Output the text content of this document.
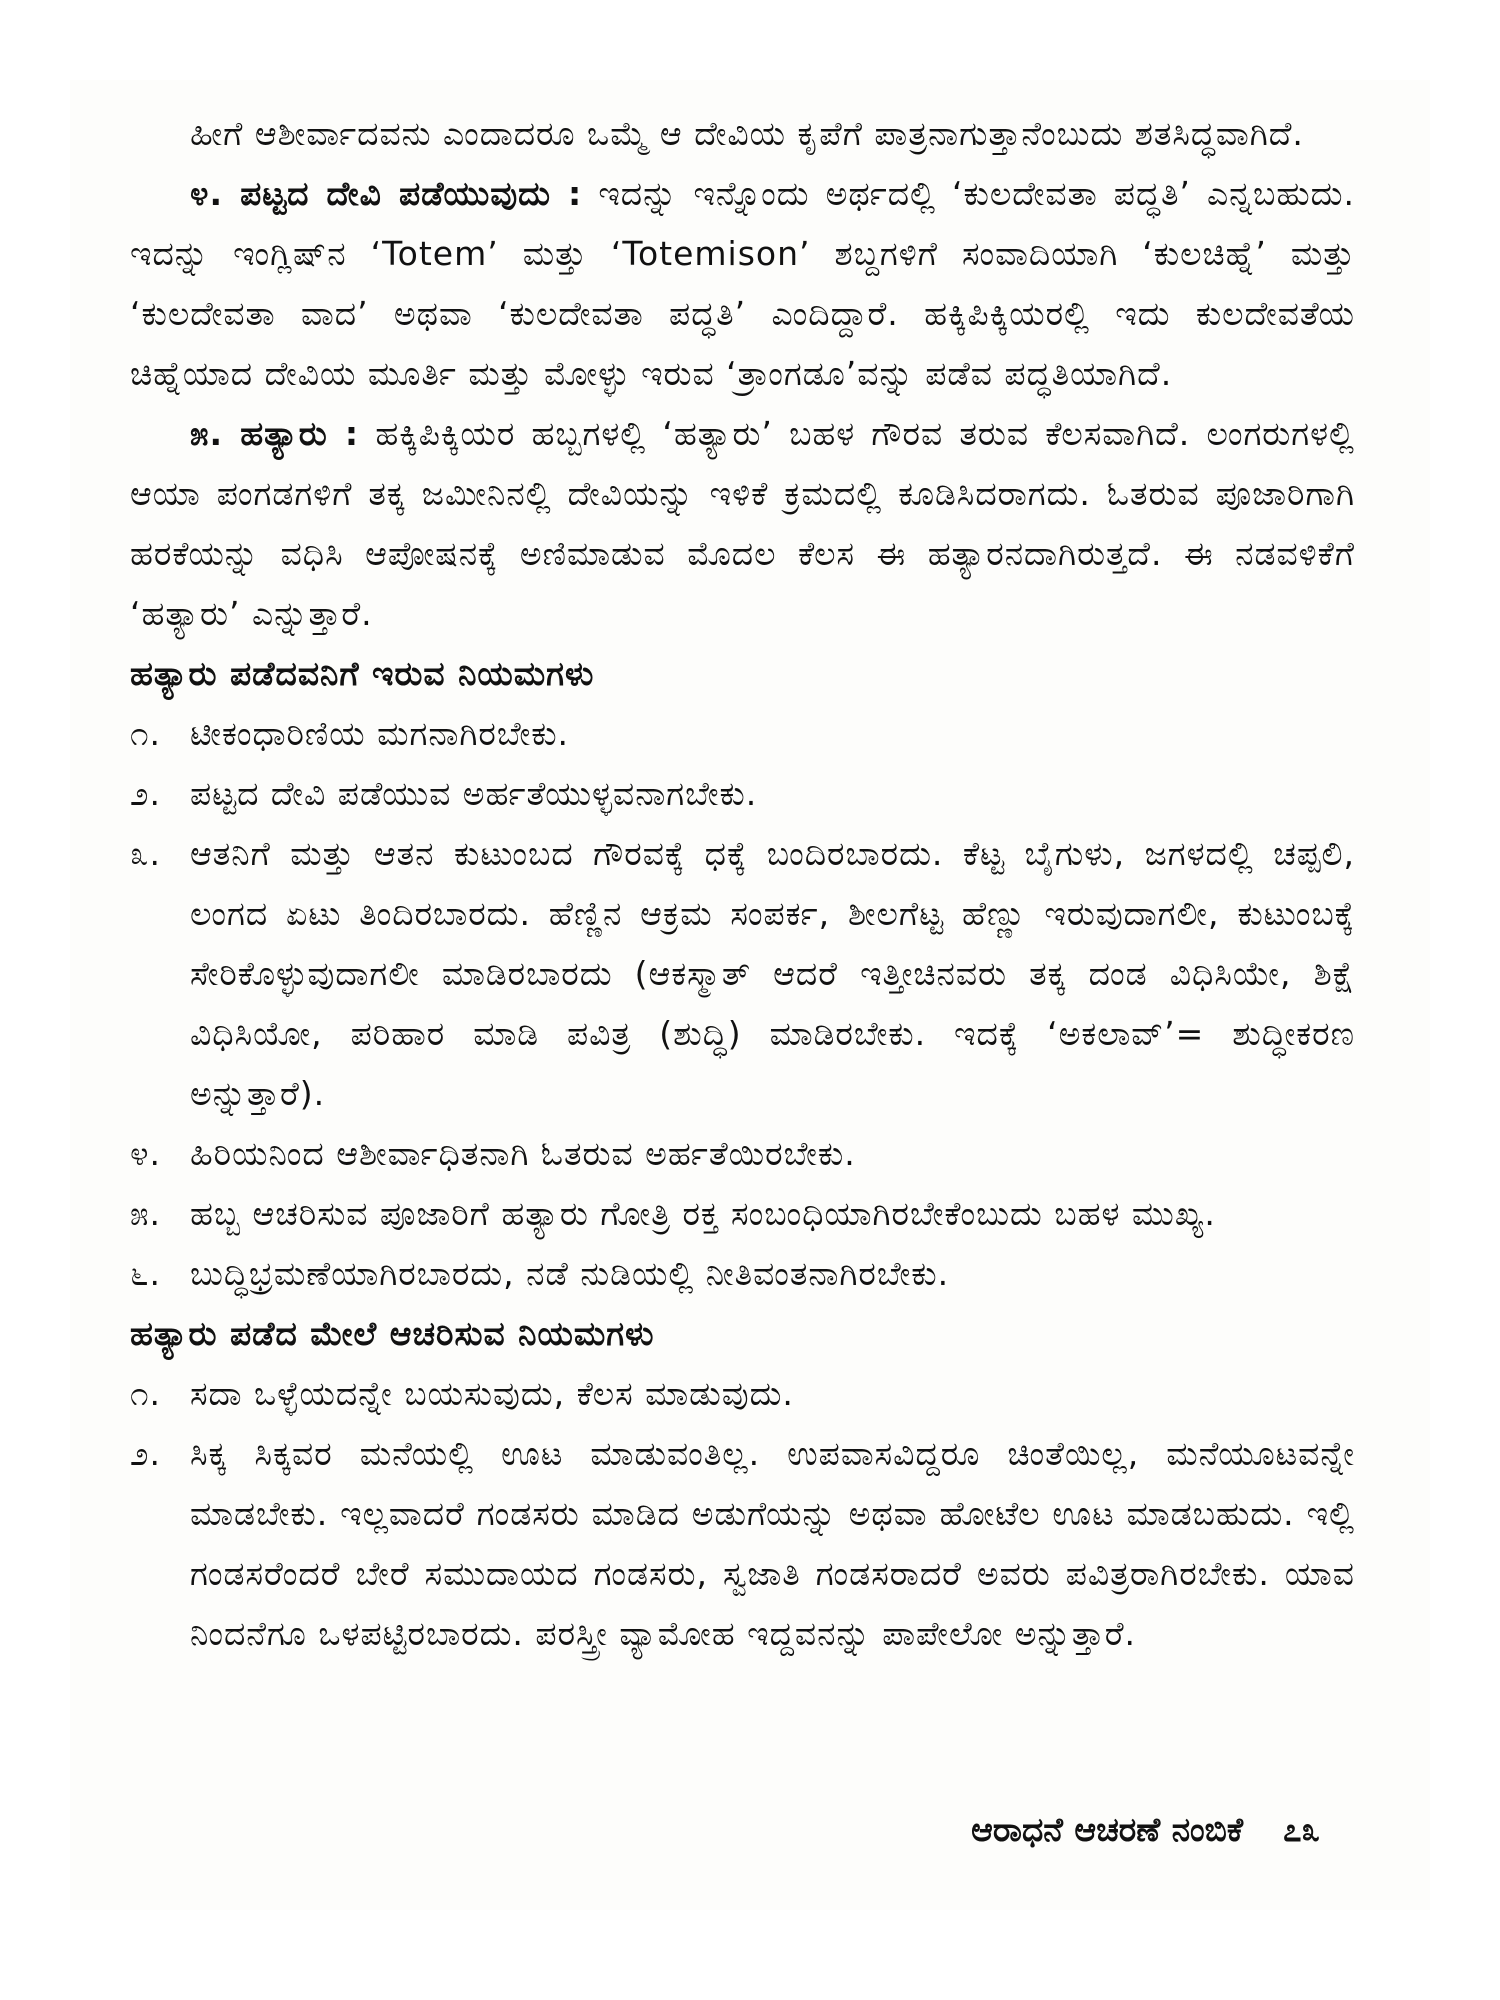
ಹೀಗೆ ಆಶೀರ್ವಾದವನು ಎಂದಾದರೂ ಒಮ್ಮೆ ಆ ದೇವಿಯ ಕೃಪೆಗೆ ಪಾತ್ರನಾಗುತ್ತಾನೆಂಬುದು ಶತಸಿದ್ಧವಾಗಿದೆ.

೪. ಪಟ್ಟದ ದೇವಿ ಪಡೆಯುವುದು : ಇದನ್ನು ಇನ್ನೊಂದು ಅರ್ಥದಲ್ಲಿ ‘ಕುಲದೇವತಾ ಪದ್ಧತಿ’ ಎನ್ನಬಹುದು. ಇದನ್ನು ಇಂಗ್ಲಿಷ್‌ನ ‘Totem’ ಮತ್ತು ‘Totemison’ ಶಬ್ದಗಳಿಗೆ ಸಂವಾದಿಯಾಗಿ ‘ಕುಲಚಿಹ್ನೆ’ ಮತ್ತು ‘ಕುಲದೇವತಾ ವಾದ’ ಅಥವಾ ‘ಕುಲದೇವತಾ ಪದ್ಧತಿ’ ಎಂದಿದ್ದಾರೆ. ಹಕ್ಕಿಪಿಕ್ಕಿಯರಲ್ಲಿ ಇದು ಕುಲದೇವತೆಯ ಚಿಹ್ನೆಯಾದ ದೇವಿಯ ಮೂರ್ತಿ ಮತ್ತು ಮೋಳ್ಳು ಇರುವ ‘ತ್ರಾಂಗಡೂ’ವನ್ನು ಪಡೆವ ಪದ್ಧತಿಯಾಗಿದೆ.

೫. ಹತ್ಯಾರು : ಹಕ್ಕಿಪಿಕ್ಕಿಯರ ಹಬ್ಬಗಳಲ್ಲಿ ‘ಹತ್ಯಾರು’ ಬಹಳ ಗೌರವ ತರುವ ಕೆಲಸವಾಗಿದೆ. ಲಂಗರುಗಳಲ್ಲಿ ಆಯಾ ಪಂಗಡಗಳಿಗೆ ತಕ್ಕ ಜಮೀನಿನಲ್ಲಿ ದೇವಿಯನ್ನು ಇಳಿಕೆ ಕ್ರಮದಲ್ಲಿ ಕೂಡಿಸಿದರಾಗದು. ಓತರುವ ಪೂಜಾರಿಗಾಗಿ ಹರಕೆಯನ್ನು ವಧಿಸಿ ಆಪೋಷನಕ್ಕೆ ಅಣಿಮಾಡುವ ಮೊದಲ ಕೆಲಸ ಈ ಹತ್ಯಾರನದಾಗಿರುತ್ತದೆ. ಈ ನಡವಳಿಕೆಗೆ ‘ಹತ್ಯಾರು’ ಎನ್ನುತ್ತಾರೆ.

ಹತ್ಯಾರು ಪಡೆದವನಿಗೆ ಇರುವ ನಿಯಮಗಳು

೧. ಟೀಕಂಧಾರಿಣಿಯ ಮಗನಾಗಿರಬೇಕು.
೨. ಪಟ್ಟದ ದೇವಿ ಪಡೆಯುವ ಅರ್ಹತೆಯುಳ್ಳವನಾಗಬೇಕು.
೩. ಆತನಿಗೆ ಮತ್ತು ಆತನ ಕುಟುಂಬದ ಗೌರವಕ್ಕೆ ಧಕ್ಕೆ ಬಂದಿರಬಾರದು. ಕೆಟ್ಟ ಬೈಗುಳು, ಜಗಳದಲ್ಲಿ ಚಪ್ಪಲಿ, ಲಂಗದ ಏಟು ತಿಂದಿರಬಾರದು. ಹೆಣ್ಣಿನ ಆಕ್ರಮ ಸಂಪರ್ಕ, ಶೀಲಗೆಟ್ಟ ಹೆಣ್ಣು ಇರುವುದಾಗಲೀ, ಕುಟುಂಬಕ್ಕೆ ಸೇರಿಕೊಳ್ಳುವುದಾಗಲೀ ಮಾಡಿರಬಾರದು (ಆಕಸ್ಮಾತ್ ಆದರೆ ಇತ್ತೀಚಿನವರು ತಕ್ಕ ದಂಡ ವಿಧಿಸಿಯೇ, ಶಿಕ್ಷೆ ವಿಧಿಸಿಯೋ, ಪರಿಹಾರ ಮಾಡಿ ಪವಿತ್ರ (ಶುದ್ಧಿ) ಮಾಡಿರಬೇಕು. ಇದಕ್ಕೆ ‘ಅಕಲಾವ್’= ಶುದ್ಧೀಕರಣ ಅನ್ನುತ್ತಾರೆ).
೪. ಹಿರಿಯನಿಂದ ಆಶೀರ್ವಾಧಿತನಾಗಿ ಓತರುವ ಅರ್ಹತೆಯಿರಬೇಕು.
೫. ಹಬ್ಬ ಆಚರಿಸುವ ಪೂಜಾರಿಗೆ ಹತ್ಯಾರು ಗೋತ್ರಿ ರಕ್ತ ಸಂಬಂಧಿಯಾಗಿರಬೇಕೆಂಬುದು ಬಹಳ ಮುಖ್ಯ.
೬. ಬುದ್ಧಿಭ್ರಮಣೆಯಾಗಿರಬಾರದು, ನಡೆ ನುಡಿಯಲ್ಲಿ ನೀತಿವಂತನಾಗಿರಬೇಕು.

ಹತ್ಯಾರು ಪಡೆದ ಮೇಲೆ ಆಚರಿಸುವ ನಿಯಮಗಳು

೧. ಸದಾ ಒಳ್ಳೆಯದನ್ನೇ ಬಯಸುವುದು, ಕೆಲಸ ಮಾಡುವುದು.
೨. ಸಿಕ್ಕ ಸಿಕ್ಕವರ ಮನೆಯಲ್ಲಿ ಊಟ ಮಾಡುವಂತಿಲ್ಲ. ಉಪವಾಸವಿದ್ದರೂ ಚಿಂತೆಯಿಲ್ಲ, ಮನೆಯೂಟವನ್ನೇ ಮಾಡಬೇಕು. ಇಲ್ಲವಾದರೆ ಗಂಡಸರು ಮಾಡಿದ ಅಡುಗೆಯನ್ನು ಅಥವಾ ಹೋಟೆಲ ಊಟ ಮಾಡಬಹುದು. ಇಲ್ಲಿ ಗಂಡಸರೆಂದರೆ ಬೇರೆ ಸಮುದಾಯದ ಗಂಡಸರು, ಸ್ವಜಾತಿ ಗಂಡಸರಾದರೆ ಅವರು ಪವಿತ್ರರಾಗಿರಬೇಕು. ಯಾವ ನಿಂದನೆಗೂ ಒಳಪಟ್ಟಿರಬಾರದು. ಪರಸ್ತ್ರೀ ವ್ಯಾಮೋಹ ಇದ್ದವನನ್ನು ಪಾಪೇಲೋ ಅನ್ನುತ್ತಾರೆ.
ಆರಾಧನೆ ಆಚರಣೆ ನಂಬಿಕೆ ೭೩
